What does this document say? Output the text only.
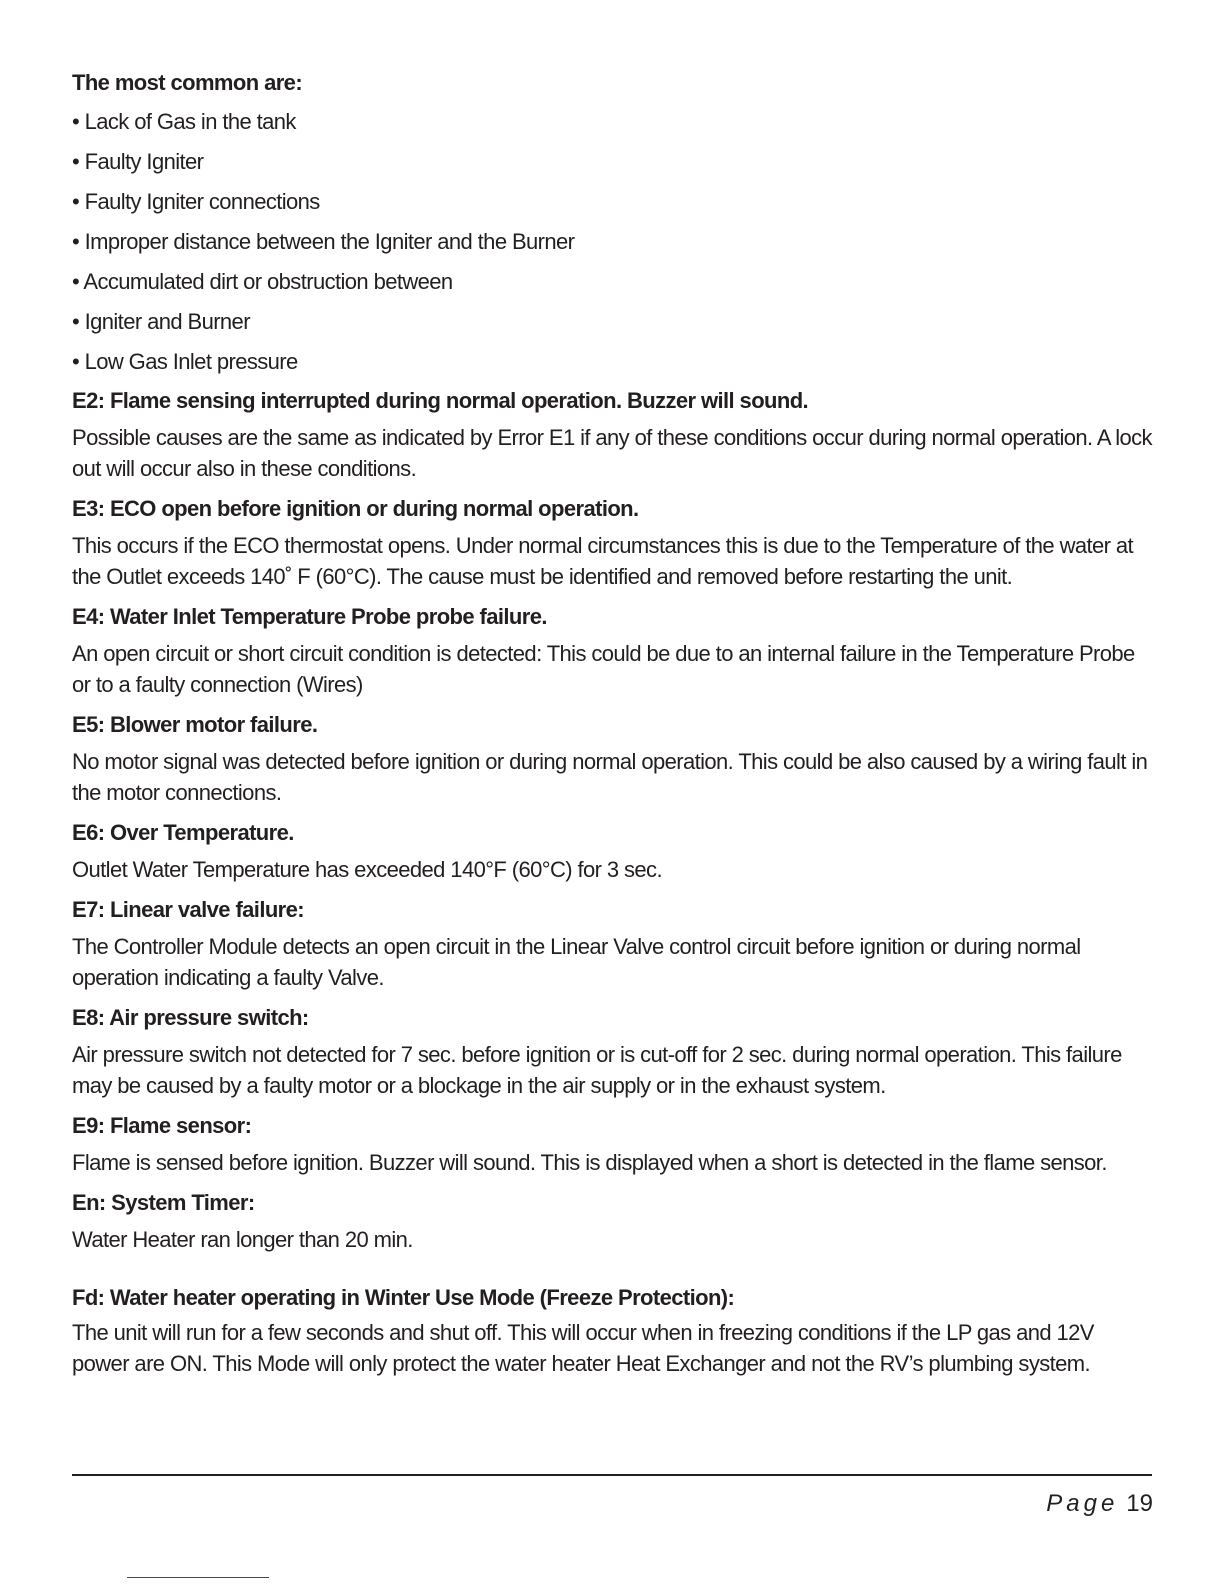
The most common are:

• Lack of Gas in the tank
• Faulty Igniter
• Faulty Igniter connections
• Improper distance between the Igniter and the Burner
• Accumulated dirt or obstruction between
• Igniter and Burner
• Low Gas Inlet pressure

E2: Flame sensing interrupted during normal operation. Buzzer will sound.

Possible causes are the same as indicated by Error E1 if any of these conditions occur during normal operation. A lock out will occur also in these conditions.

E3: ECO open before ignition or during normal operation.

This occurs if the ECO thermostat opens. Under normal circumstances this is due to the Temperature of the water at the Outlet exceeds 140˚ F (60°C). The cause must be identified and removed before restarting the unit.

E4: Water Inlet Temperature Probe probe failure.

An open circuit or short circuit condition is detected: This could be due to an internal failure in the Temperature Probe or to a faulty connection (Wires)

E5: Blower motor failure.

No motor signal was detected before ignition or during normal operation. This could be also caused by a wiring fault in the motor connections.

E6: Over Temperature.

Outlet Water Temperature has exceeded 140°F (60°C) for 3 sec.

E7: Linear valve failure:

The Controller Module detects an open circuit in the Linear Valve control circuit before ignition or during normal operation indicating a faulty Valve.

E8: Air pressure switch:

Air pressure switch not detected for 7 sec. before ignition or is cut-off for 2 sec. during normal operation. This failure may be caused by a faulty motor or a blockage in the air supply or in the exhaust system.

E9: Flame sensor:

Flame is sensed before ignition. Buzzer will sound. This is displayed when a short is detected in the flame sensor.

En: System Timer:

Water Heater ran longer than 20 min.

Fd: Water heater operating in Winter Use Mode (Freeze Protection):

The unit will run for a few seconds and shut off. This will occur when in freezing conditions if the LP gas and 12V power are ON. This Mode will only protect the water heater Heat Exchanger and not the RV’s plumbing system.

Page 19
